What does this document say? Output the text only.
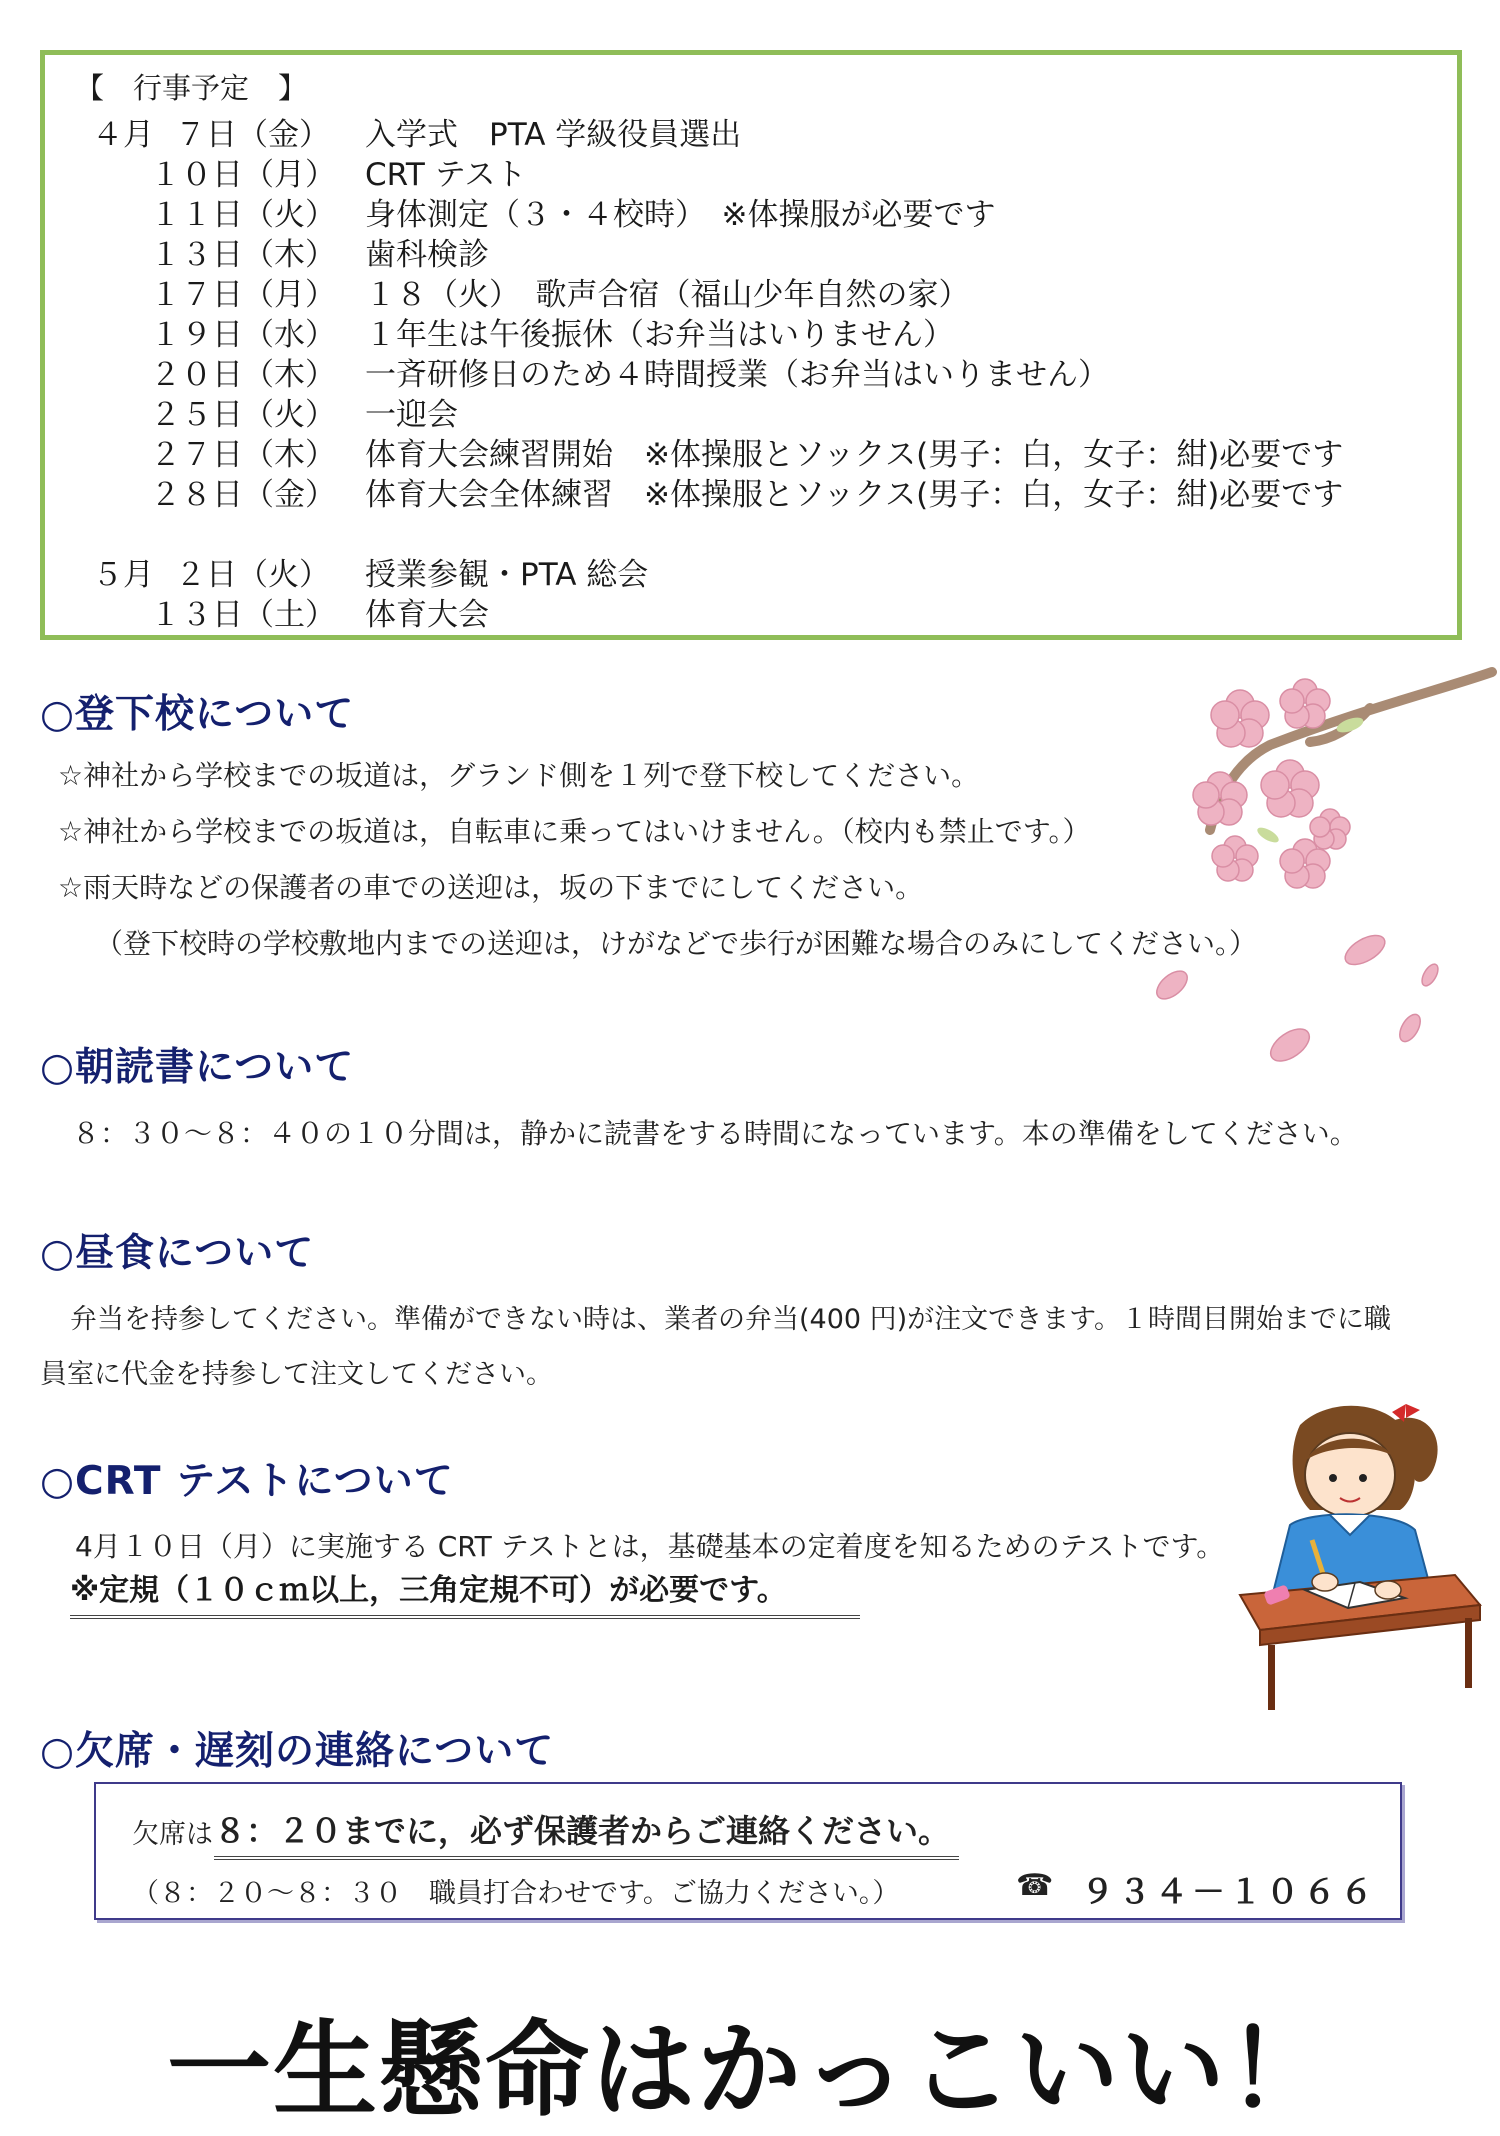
【　行事予定　】
４月 ７日（金） 入学式　PTA 学級役員選出
１０日（月） CRT テスト
１１日（火） 身体測定（３・４校時）　※体操服が必要です
１３日（木） 歯科検診
１７日（月） １８（火）　歌声合宿（福山少年自然の家）
１９日（水） １年生は午後振休（お弁当はいりません）
２０日（木） 一斉研修日のため４時間授業（お弁当はいりません）
２５日（火） 一迎会
２７日（木） 体育大会練習開始　※体操服とソックス(男子：白，女子：紺)必要です
２８日（金） 体育大会全体練習　※体操服とソックス(男子：白，女子：紺)必要です
５月 ２日（火） 授業参観・PTA 総会
１３日（土） 体育大会
○登下校について
☆神社から学校までの坂道は，グランド側を１列で登下校してください。
☆神社から学校までの坂道は，自転車に乗ってはいけません。（校内も禁止です。）
☆雨天時などの保護者の車での送迎は，坂の下までにしてください。
（登下校時の学校敷地内までの送迎は，けがなどで歩行が困難な場合のみにしてください。）
○朝読書について
８：３０～８：４０の１０分間は，静かに読書をする時間になっています。本の準備をしてください。
○昼食について
弁当を持参してください。準備ができない時は、業者の弁当(400 円)が注文できます。１時間目開始までに職
員室に代金を持参して注文してください。
○CRT テストについて
4月１０日（月）に実施する CRT テストとは，基礎基本の定着度を知るためのテストです。
※定規（１０ｃｍ以上，三角定規不可）が必要です。
○欠席・遅刻の連絡について
欠席は ８：２０までに，必ず保護者からご連絡ください。
（８：２０～８：３０　職員打合わせです。ご協力ください。）	☎ ９３４－１０６６
一生懸命はかっこいい！
